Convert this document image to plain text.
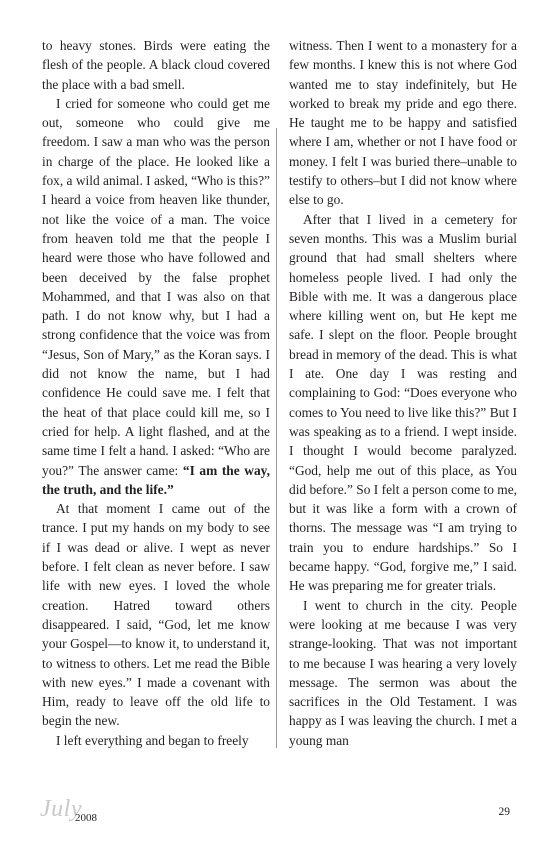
to heavy stones. Birds were eating the flesh of the people. A black cloud covered the place with a bad smell.

I cried for someone who could get me out, someone who could give me freedom. I saw a man who was the person in charge of the place. He looked like a fox, a wild animal. I asked, “Who is this?” I heard a voice from heaven like thunder, not like the voice of a man. The voice from heaven told me that the people I heard were those who have followed and been deceived by the false prophet Mohammed, and that I was also on that path. I do not know why, but I had a strong confidence that the voice was from “Jesus, Son of Mary,” as the Koran says. I did not know the name, but I had confidence He could save me. I felt that the heat of that place could kill me, so I cried for help. A light flashed, and at the same time I felt a hand. I asked: “Who are you?” The answer came: “I am the way, the truth, and the life.”

At that moment I came out of the trance. I put my hands on my body to see if I was dead or alive. I wept as never before. I felt clean as never before. I saw life with new eyes. I loved the whole creation. Hatred toward others disappeared. I said, “God, let me know your Gospel—to know it, to understand it, to witness to others. Let me read the Bible with new eyes.” I made a covenant with Him, ready to leave off the old life to begin the new.

I left everything and began to freely

witness. Then I went to a monastery for a few months. I knew this is not where God wanted me to stay indefinitely, but He worked to break my pride and ego there. He taught me to be happy and satisfied where I am, whether or not I have food or money. I felt I was buried there–unable to testify to others–but I did not know where else to go.

After that I lived in a cemetery for seven months. This was a Muslim burial ground that had small shelters where homeless people lived. I had only the Bible with me. It was a dangerous place where killing went on, but He kept me safe. I slept on the floor. People brought bread in memory of the dead. This is what I ate. One day I was resting and complaining to God: “Does everyone who comes to You need to live like this?” But I was speaking as to a friend. I wept inside. I thought I would become paralyzed. “God, help me out of this place, as You did before.” So I felt a person come to me, but it was like a form with a crown of thorns. The message was “I am trying to train you to endure hardships.” So I became happy. “God, forgive me,” I said. He was preparing me for greater trials.

I went to church in the city. People were looking at me because I was very strange-looking. That was not important to me because I was hearing a very lovely message. The sermon was about the sacrifices in the Old Testament. I was happy as I was leaving the church. I met a young man

July
2008	29
